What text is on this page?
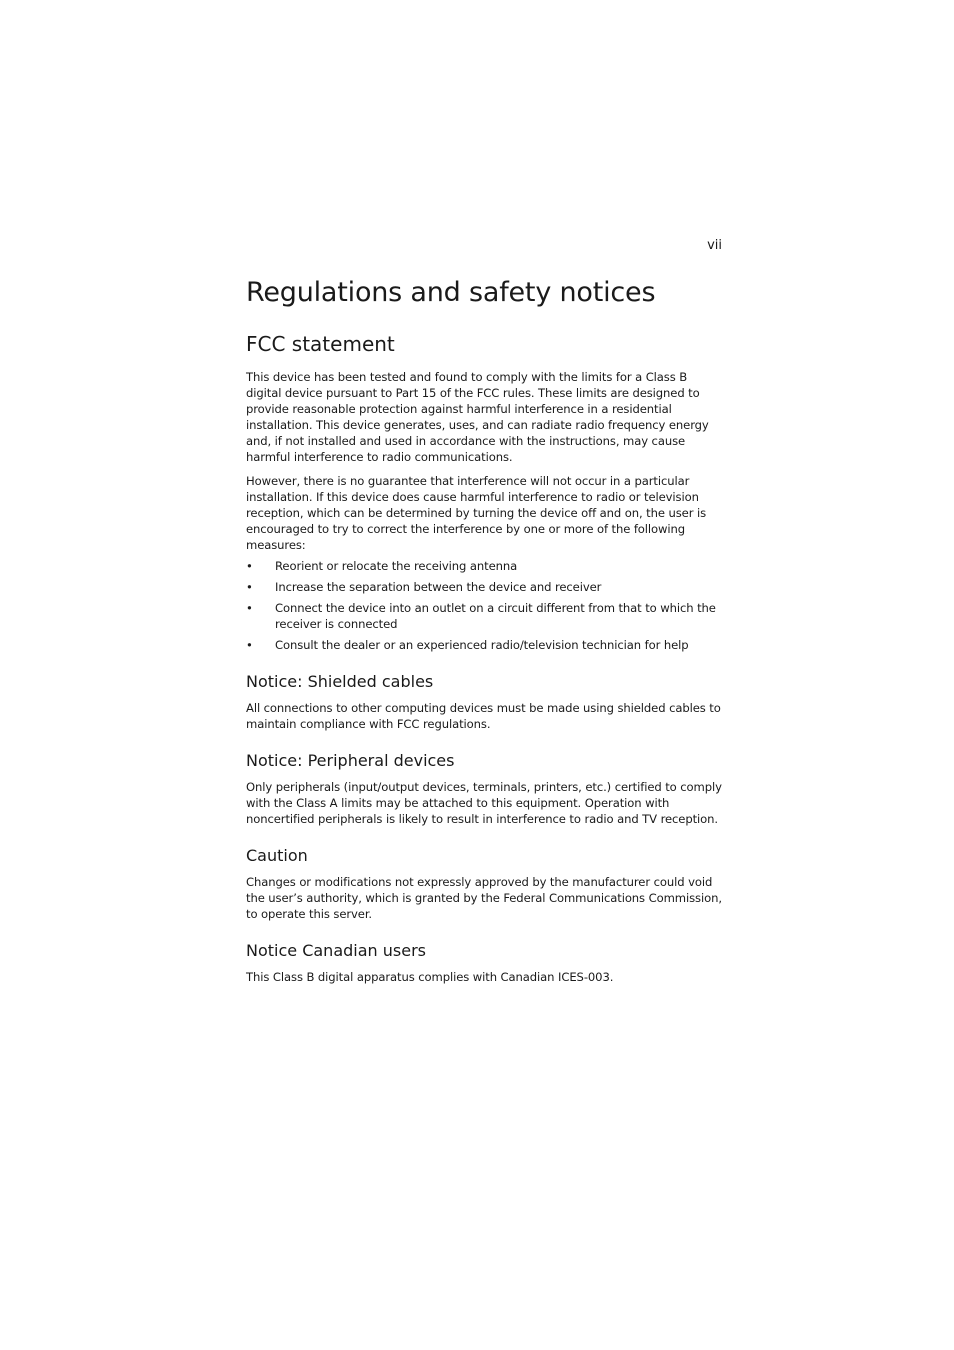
vii
Regulations and safety notices
FCC statement

This device has been tested and found to comply with the limits for a Class B digital device pursuant to Part 15 of the FCC rules. These limits are designed to provide reasonable protection against harmful interference in a residential installation. This device generates, uses, and can radiate radio frequency energy and, if not installed and used in accordance with the instructions, may cause harmful interference to radio communications.

However, there is no guarantee that interference will not occur in a particular installation. If this device does cause harmful interference to radio or television reception, which can be determined by turning the device off and on, the user is encouraged to try to correct the interference by one or more of the following measures:

• Reorient or relocate the receiving antenna
• Increase the separation between the device and receiver
• Connect the device into an outlet on a circuit different from that to which the receiver is connected
• Consult the dealer or an experienced radio/television technician for help
Notice: Shielded cables

All connections to other computing devices must be made using shielded cables to maintain compliance with FCC regulations.

Notice: Peripheral devices

Only peripherals (input/output devices, terminals, printers, etc.) certified to comply with the Class A limits may be attached to this equipment. Operation with noncertified peripherals is likely to result in interference to radio and TV reception.

Caution

Changes or modifications not expressly approved by the manufacturer could void the user’s authority, which is granted by the Federal Communications Commission, to operate this server.

Notice Canadian users

This Class B digital apparatus complies with Canadian ICES-003.
